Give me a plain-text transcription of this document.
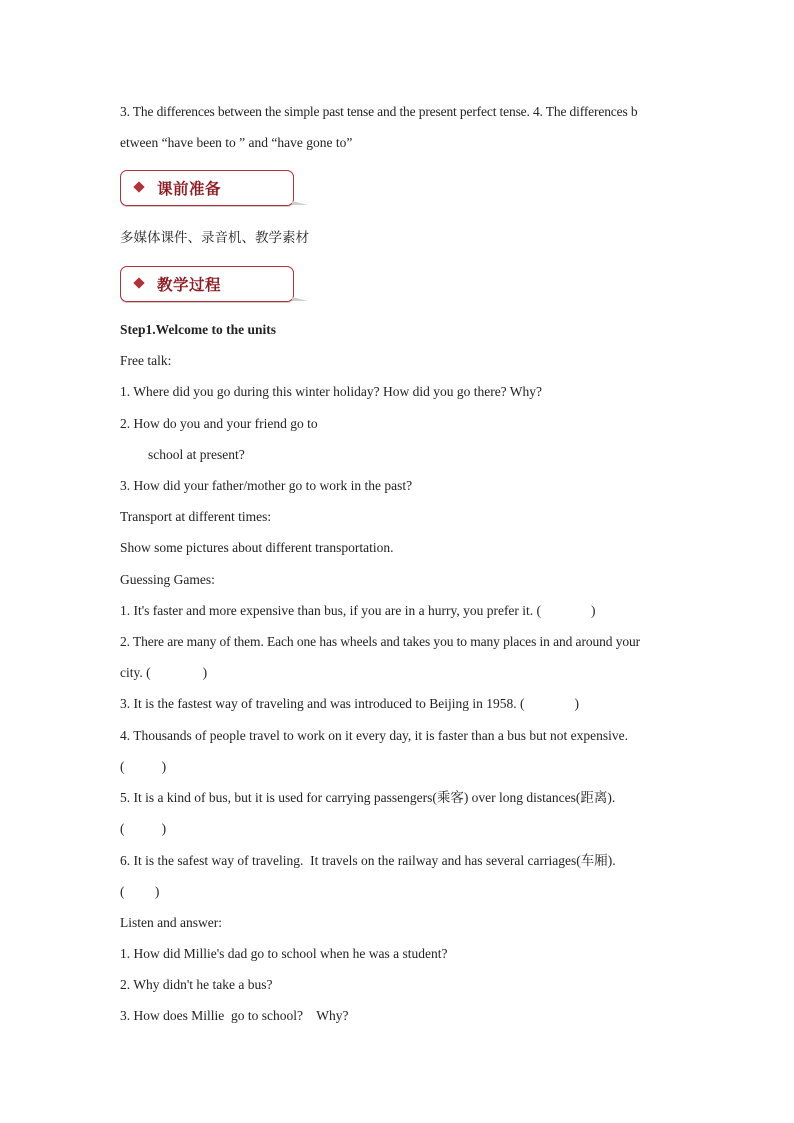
3. The differences between the simple past tense and the present perfect tense. 4. The differences b
etween “have been to ” and “have gone to”
课前准备
多媒体课件、录音机、教学素材
教学过程
Step1.Welcome to the units
Free talk:
1. Where did you go during this winter holiday? How did you go there? Why?
2. How do you and your friend go to
school at present?
3. How did your father/mother go to work in the past?
Transport at different times:
Show some pictures about different transportation.
Guessing Games:
1. It's faster and more expensive than bus, if you are in a hurry, you prefer it. (	)
2. There are many of them. Each one has wheels and takes you to many places in and around your
city. (	)
3. It is the fastest way of traveling and was introduced to Beijing in 1958. (	)
4. Thousands of people travel to work on it every day, it is faster than a bus but not expensive.
(           )
5. It is a kind of bus, but it is used for carrying passengers(乘客) over long distances(距离).
(           )
6. It is the safest way of traveling.  It travels on the railway and has several carriages(车厢).
(         )
Listen and answer:
1. How did Millie's dad go to school when he was a student?
2. Why didn't he take a bus?
3. How does Millie  go to school?    Why?
